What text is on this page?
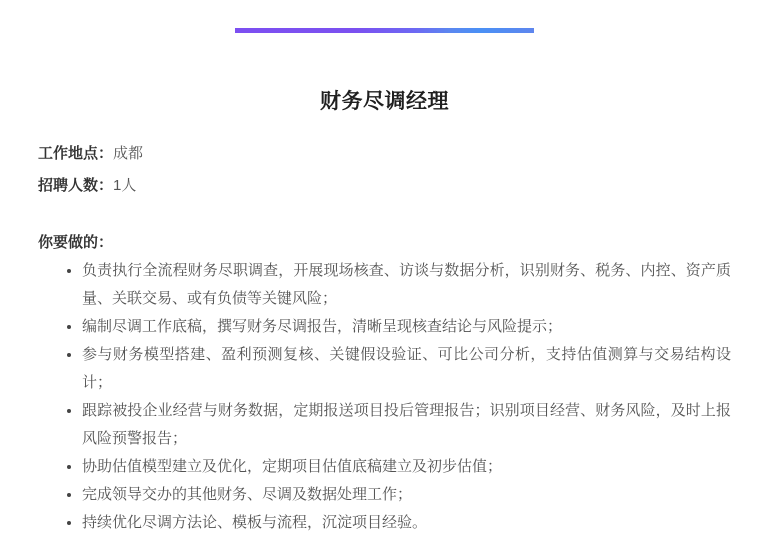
财务尽调经理
工作地点：成都
招聘人数：1人
你要做的：
• 负责执行全流程财务尽职调查，开展现场核查、访谈与数据分析，识别财务、税务、内控、资产质量、关联交易、或有负债等关键风险；
• 编制尽调工作底稿，撰写财务尽调报告，清晰呈现核查结论与风险提示；
• 参与财务模型搭建、盈利预测复核、关键假设验证、可比公司分析，支持估值测算与交易结构设计；
• 跟踪被投企业经营与财务数据，定期报送项目投后管理报告；识别项目经营、财务风险，及时上报风险预警报告；
• 协助估值模型建立及优化，定期项目估值底稿建立及初步估值；
• 完成领导交办的其他财务、尽调及数据处理工作；
• 持续优化尽调方法论、模板与流程，沉淀项目经验。
